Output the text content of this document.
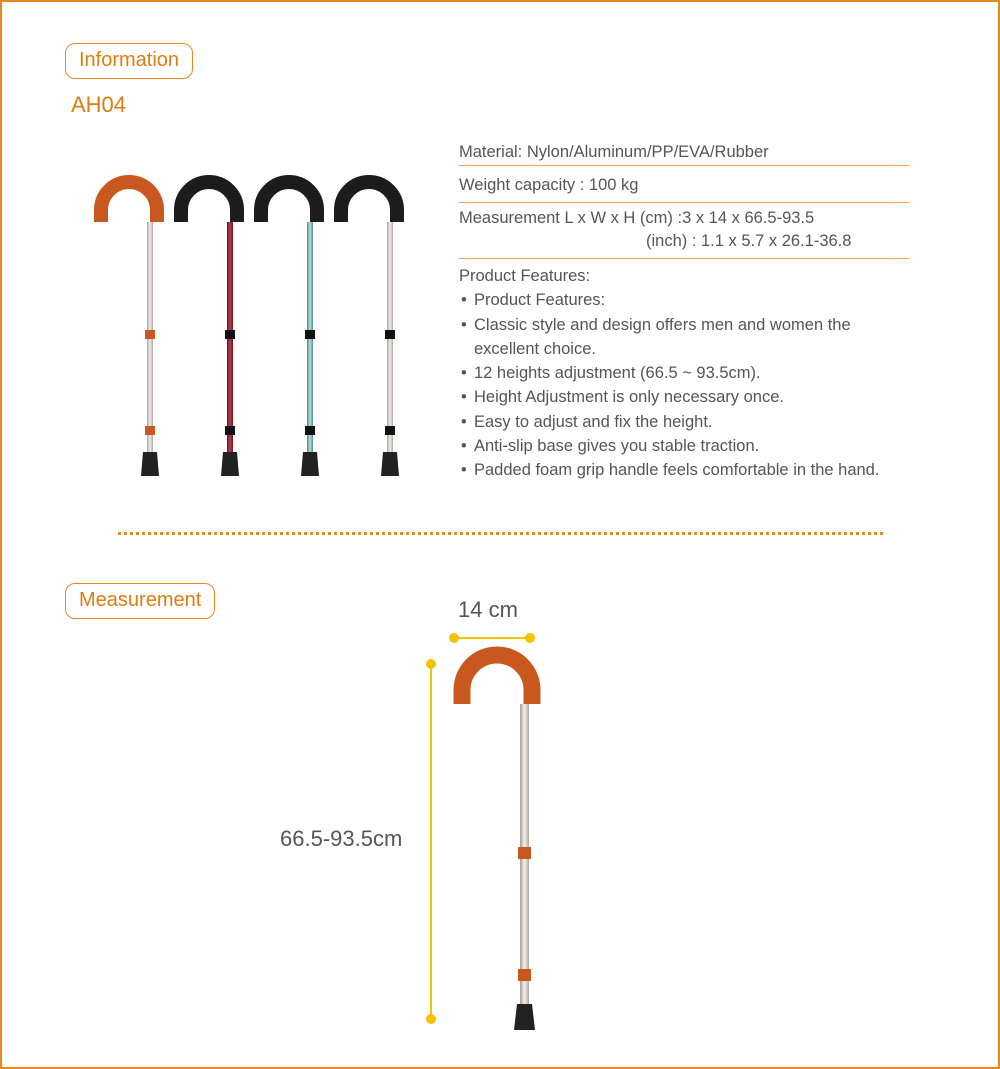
Information
AH04
Material: Nylon/Aluminum/PP/EVA/Rubber
Weight capacity : 100 kg
Measurement L x W x H (cm) :3 x 14 x 66.5-93.5
(inch) : 1.1 x 5.7 x 26.1-36.8
Product Features:
• Product Features:
• Classic style and design offers men and women the excellent choice.
• 12 heights adjustment (66.5 ~ 93.5cm).
• Height Adjustment is only necessary once.
• Easy to adjust and fix the height.
• Anti-slip base gives you stable traction.
• Padded foam grip handle feels comfortable in the hand.
Measurement	14 cm
66.5-93.5cm
